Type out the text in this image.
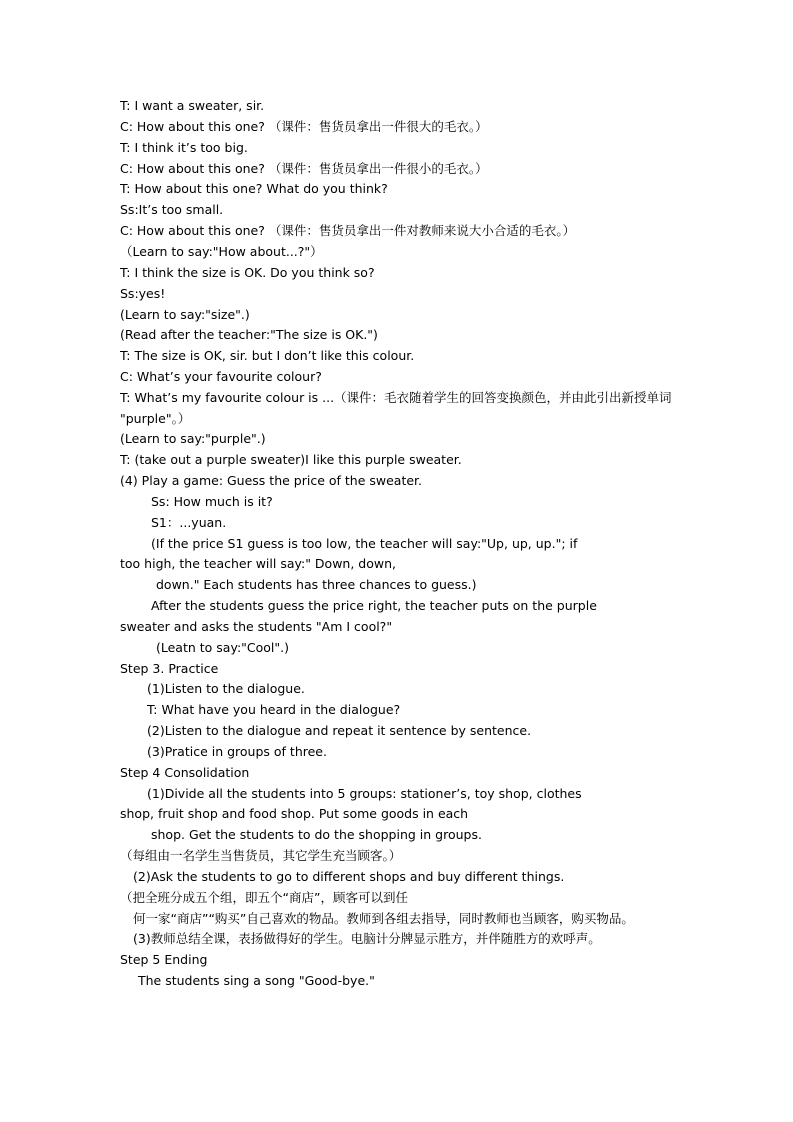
T: I want a sweater, sir.
C: How about this one? （课件：售货员拿出一件很大的毛衣。）
T: I think it’s too big.
C: How about this one? （课件：售货员拿出一件很小的毛衣。）
T: How about this one? What do you think?
Ss:It’s too small.
C: How about this one? （课件：售货员拿出一件对教师来说大小合适的毛衣。）
（Learn to say:"How about...?"）
T: I think the size is OK. Do you think so?
Ss:yes!
(Learn to say:"size".)
(Read after the teacher:"The size is OK.")
T: The size is OK, sir. but I don’t like this colour.
C: What’s your favourite colour?
T: What’s my favourite colour is ...（课件：毛衣随着学生的回答变换颜色，并由此引出新授单词
"purple"。）
(Learn to say:"purple".)
T: (take out a purple sweater)I like this purple sweater.
(4) Play a game: Guess the price of the sweater.
Ss: How much is it?
S1：...yuan.
(If the price S1 guess is too low, the teacher will say:"Up, up, up."; if
too high, the teacher will say:" Down, down,
down." Each students has three chances to guess.)
After the students guess the price right, the teacher puts on the purple
sweater and asks the students "Am I cool?"
(Leatn to say:"Cool".)
Step 3. Practice
(1)Listen to the dialogue.
T: What have you heard in the dialogue?
(2)Listen to the dialogue and repeat it sentence by sentence.
(3)Pratice in groups of three.
Step 4 Consolidation
(1)Divide all the students into 5 groups: stationer’s, toy shop, clothes
shop, fruit shop and food shop. Put some goods in each
shop. Get the students to do the shopping in groups.
（每组由一名学生当售货员，其它学生充当顾客。）
(2)Ask the students to go to different shops and buy different things.
（把全班分成五个组，即五个“商店”，顾客可以到任
何一家“商店”“购买”自己喜欢的物品。教师到各组去指导，同时教师也当顾客，购买物品。
(3)教师总结全课，表扬做得好的学生。电脑计分牌显示胜方，并伴随胜方的欢呼声。
Step 5 Ending
The students sing a song "Good-bye."
